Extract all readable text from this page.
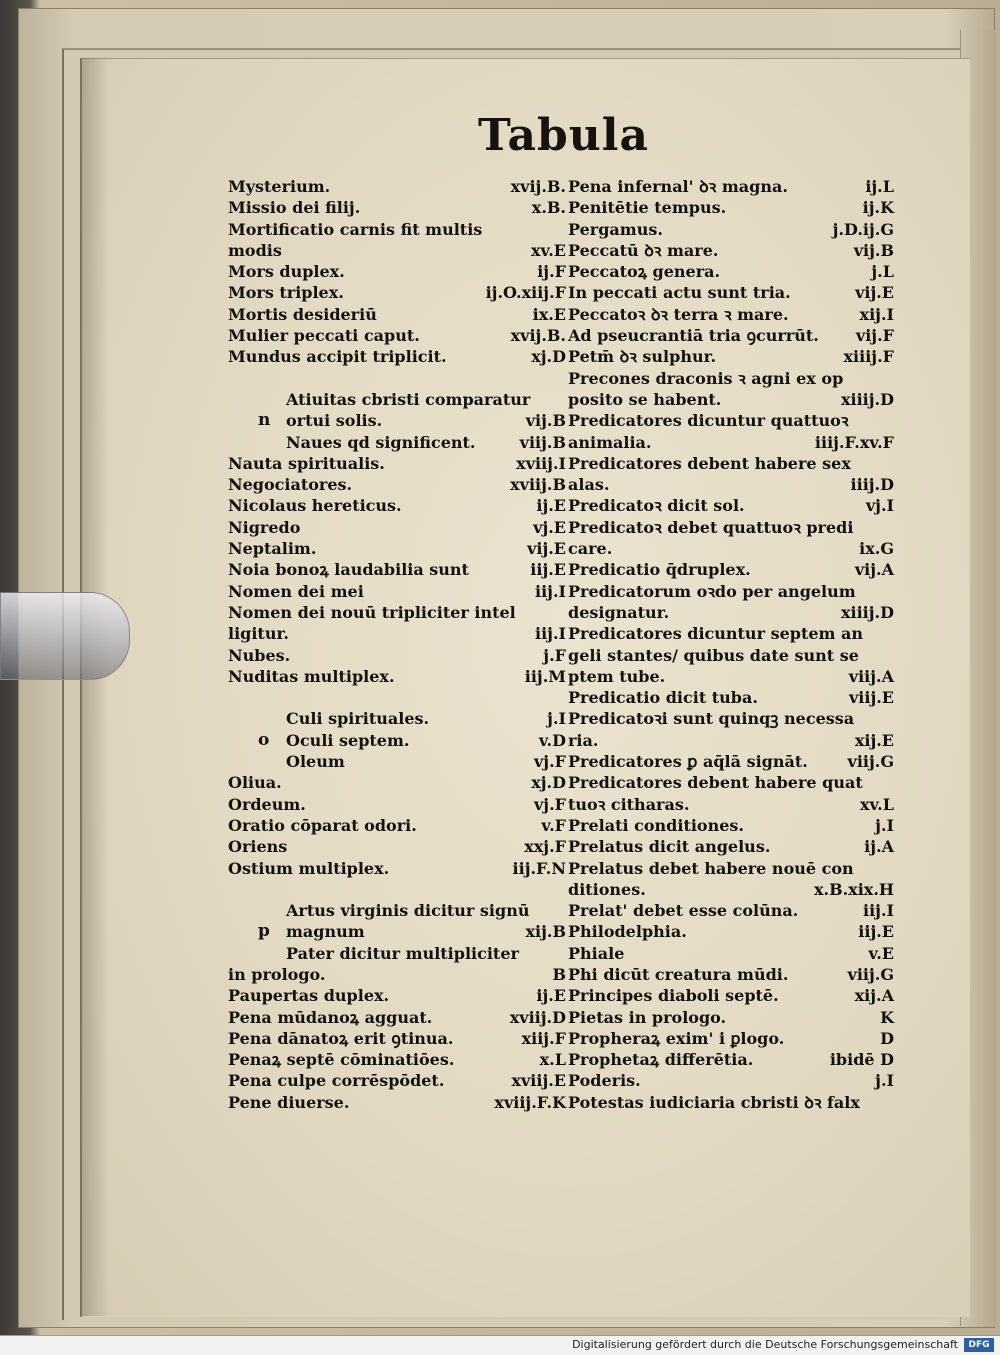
Tabula
Mysterium.	xvij.B.
Missio dei filij.	x.B.
Mortificatio carnis fit multis
modis	xv.E
Mors duplex.	ij.F
Mors triplex.	ij.O.xiij.F
Mortis desideriū	ix.E
Mulier peccati caput.	xvij.B.
Mundus accipit triplicit.	xj.D
Atiuitas cbristi comparatur
n ortui solis.	vij.B
Naues qd significent.	viij.B
Nauta spiritualis.	xviij.I
Negociatores.	xviij.B
Nicolaus hereticus.	ij.E
Nigredo	vj.E
Neptalim.	vij.E
Noia bonoꝝ laudabilia sunt	iij.E
Nomen dei mei	iij.I
Nomen dei nouū tripliciter intel
ligitur.	iij.I
Nubes.	j.F
Nuditas multiplex.	iij.M
Culi spirituales.	j.I
o Oculi septem.	v.D
Oleum	vj.F
Oliua.	xj.D
Ordeum.	vj.F
Oratio cōparat odori.	v.F
Oriens	xxj.F
Ostium multiplex.	iij.F.N
Artus virginis dicitur signū
p magnum	xij.B
Pater dicitur multipliciter
in prologo.	B
Paupertas duplex.	ij.E
Pena mūdanoꝝ agguat.	xviij.D
Pena dānatoꝝ erit ꝯtinua.	xiij.F
Penaꝝ septē cōminatiōes.	x.L
Pena culpe corrēspōdet.	xviij.E
Pene diuerse.	xviij.F.K
Pena infernal' ꝺꝛ magna.	ij.L
Penitētie tempus.	ij.K
Pergamus.	j.D.ij.G
Peccatū ꝺꝛ mare.	vij.B
Peccatoꝝ genera.	j.L
In peccati actu sunt tria.	vij.E
Peccatoꝛ ꝺꝛ terra ꝛ mare.	xij.I
Ad pseucrantiā tria ꝯcurrūt. vij.F
Petm̄ ꝺꝛ sulphur.	xiiij.F
Precones draconis ꝛ agni ex op
posito se habent.	xiiij.D
Predicatores dicuntur quattuoꝛ
animalia.	iiij.F.xv.F
Predicatores debent habere sex
alas.	iiij.D
Predicatoꝛ dicit sol.	vj.I
Predicatoꝛ debet quattuoꝛ predi
care.	ix.G
Predicatio q̄druplex.	vij.A
Predicatorum oꝛdo per angelum
designatur.	xiiij.D
Predicatores dicuntur septem an
geli stantes/ quibus date sunt se
ptem tube.	viij.A
Predicatio dicit tuba.	viij.E
Predicatoꝛi sunt quinqꝫ necessa
ria.	xij.E
Predicatores ꝑ aq̄lā signāt. viij.G
Predicatores debent habere quat
tuoꝛ citharas.	xv.L
Prelati conditiones.	j.I
Prelatus dicit angelus.	ij.A
Prelatus debet habere nouē con
ditiones.	x.B.xix.H
Prelat' debet esse colūna.	iij.I
Philodelphia.	iij.E
Phiale	v.E
Phi dicūt creatura mūdi.	viij.G
Principes diaboli septē.	xij.A
Pietas in prologo.	K
Propheraꝝ exim' i ꝑlogo.	D
Prophetaꝝ differētia.	ibidē D
Poderis.	j.I
Potestas iudiciaria cbristi ꝺꝛ falx
Digitalisierung gefördert durch die Deutsche Forschungsgemeinschaft	DFG
